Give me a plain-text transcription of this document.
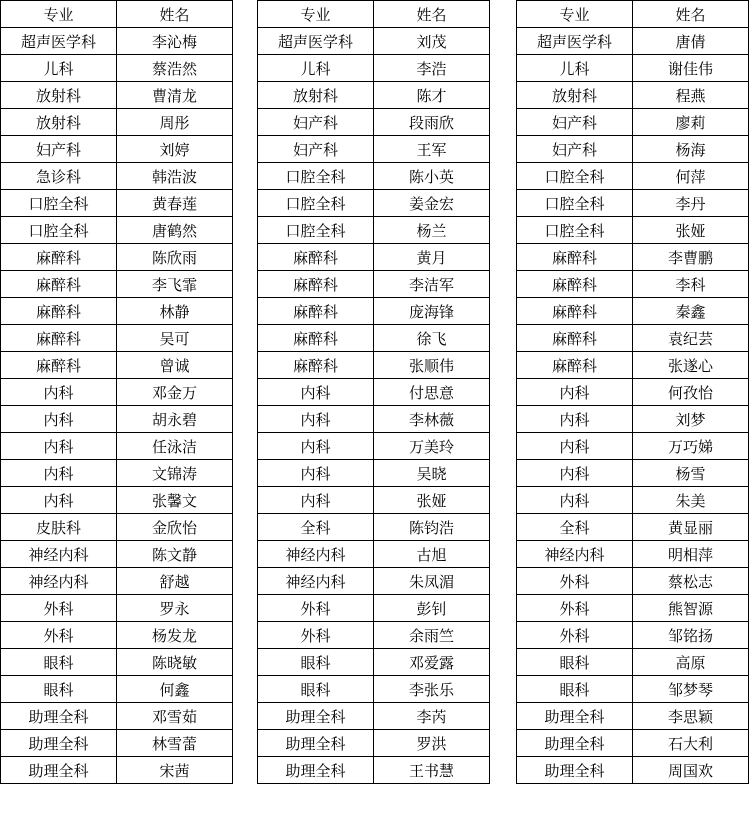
专业	姓名
超声医学科	李沁梅
儿科	蔡浩然
放射科	曹清龙
放射科	周彤
妇产科	刘婷
急诊科	韩浩波
口腔全科	黄春莲
口腔全科	唐鹤然
麻醉科	陈欣雨
麻醉科	李飞霏
麻醉科	林静
麻醉科	吴可
麻醉科	曾诚
内科	邓金万
内科	胡永碧
内科	任泳洁
内科	文锦涛
内科	张馨文
皮肤科	金欣怡
神经内科	陈文静
神经内科	舒越
外科	罗永
外科	杨发龙
眼科	陈晓敏
眼科	何鑫
助理全科	邓雪茹
助理全科	林雪蕾
助理全科	宋茜
专业	姓名
超声医学科	刘茂
儿科	李浩
放射科	陈才
妇产科	段雨欣
妇产科	王军
口腔全科	陈小英
口腔全科	姜金宏
口腔全科	杨兰
麻醉科	黄月
麻醉科	李洁军
麻醉科	庞海锋
麻醉科	徐飞
麻醉科	张顺伟
内科	付思意
内科	李林薇
内科	万美玲
内科	吴晓
内科	张娅
全科	陈钧浩
神经内科	古旭
神经内科	朱凤湄
外科	彭钊
外科	余雨竺
眼科	邓爱露
眼科	李张乐
助理全科	李芮
助理全科	罗洪
助理全科	王书慧
专业	姓名
超声医学科	唐倩
儿科	谢佳伟
放射科	程燕
妇产科	廖莉
妇产科	杨海
口腔全科	何萍
口腔全科	李丹
口腔全科	张娅
麻醉科	李曹鹏
麻醉科	李科
麻醉科	秦鑫
麻醉科	袁纪芸
麻醉科	张遂心
内科	何孜怡
内科	刘梦
内科	万巧娣
内科	杨雪
内科	朱美
全科	黄显丽
神经内科	明相萍
外科	蔡松志
外科	熊智源
外科	邹铭扬
眼科	高原
眼科	邹梦琴
助理全科	李思颖
助理全科	石大利
助理全科	周国欢
